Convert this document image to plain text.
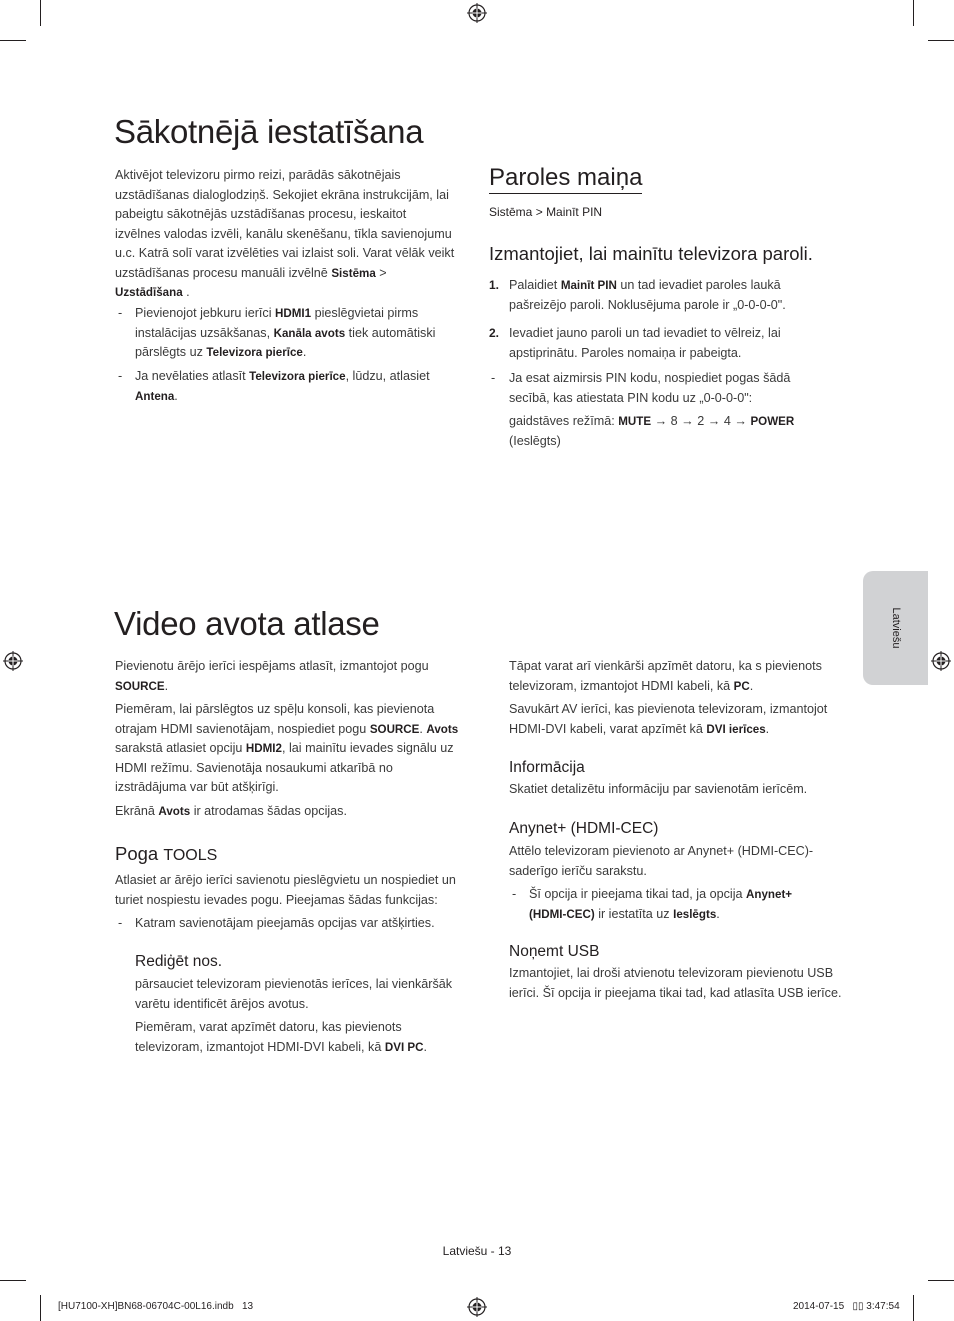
Sākotnējā iestatīšana
Aktivējot televizoru pirmo reizi, parādās sākotnējais uzstādīšanas dialoglodziņš. Sekojiet ekrāna instrukcijām, lai pabeigtu sākotnējās uzstādīšanas procesu, ieskaitot izvēlnes valodas izvēli, kanālu skenēšanu, tīkla savienojumu u.c. Katrā solī varat izvēlēties vai izlaist soli. Varat vēlāk veikt uzstādīšanas procesu manuāli izvēlnē Sistēma > Uzstādīšana .
-	Pievienojot jebkuru ierīci HDMI1 pieslēgvietai pirms instalācijas uzsākšanas, Kanāla avots tiek automātiski pārslēgts uz Televizora pierīce.
-	Ja nevēlaties atlasīt Televizora pierīce, lūdzu, atlasiet Antena.
Paroles maiņa
Sistēma > Mainīt PIN
Izmantojiet, lai mainītu televizora paroli.
1. Palaidiet Mainīt PIN un tad ievadiet paroles laukā pašreizējo paroli. Noklusējuma parole ir „0-0-0-0".
2. Ievadiet jauno paroli un tad ievadiet to vēlreiz, lai apstiprinātu. Paroles nomaiņa ir pabeigta.
-	Ja esat aizmirsis PIN kodu, nospiediet pogas šādā secībā, kas atiestata PIN kodu uz „0-0-0-0":
gaidstāves režīmā: MUTE → 8 → 2 → 4 → POWER
(Ieslēgts)
Video avota atlase
Pievienotu ārējo ierīci iespējams atlasīt, izmantojot pogu SOURCE.
Piemēram, lai pārslēgtos uz spēļu konsoli, kas pievienota otrajam HDMI savienotājam, nospiediet pogu SOURCE. Avots sarakstā atlasiet opciju HDMI2, lai mainītu ievades signālu uz HDMI režīmu. Savienotāja nosaukumi atkarībā no izstrādājuma var būt atšķirīgi.
Ekrānā Avots ir atrodamas šādas opcijas.
Poga TOOLS
Atlasiet ar ārējo ierīci savienotu pieslēgvietu un nospiediet un turiet nospiestu ievades pogu. Pieejamas šādas funkcijas:
-	Katram savienotājam pieejamās opcijas var atšķirties.
Rediģēt nos.
pārsauciet televizoram pievienotās ierīces, lai vienkāršāk varētu identificēt ārējos avotus.
Piemēram, varat apzīmēt datoru, kas pievienots televizoram, izmantojot HDMI-DVI kabeli, kā DVI PC.
Tāpat varat arī vienkārši apzīmēt datoru, ka s pievienots televizoram, izmantojot HDMI kabeli, kā PC.
Savukārt AV ierīci, kas pievienota televizoram, izmantojot HDMI-DVI kabeli, varat apzīmēt kā DVI ierīces.
Informācija
Skatiet detalizētu informāciju par savienotām ierīcēm.
Anynet+ (HDMI-CEC)
Attēlo televizoram pievienoto ar Anynet+ (HDMI-CEC)-saderīgo ierīču sarakstu.
-	Šī opcija ir pieejama tikai tad, ja opcija Anynet+ (HDMI-CEC) ir iestatīta uz Ieslēgts.
Noņemt USB
Izmantojiet, lai droši atvienotu televizoram pievienotu USB ierīci. Šī opcija ir pieejama tikai tad, kad atlasīta USB ierīce.
Latviešu
Latviešu - 13
[HU7100-XH]BN68-06704C-00L16.indb   13	2014-07-15   ▯▯ 3:47:54
